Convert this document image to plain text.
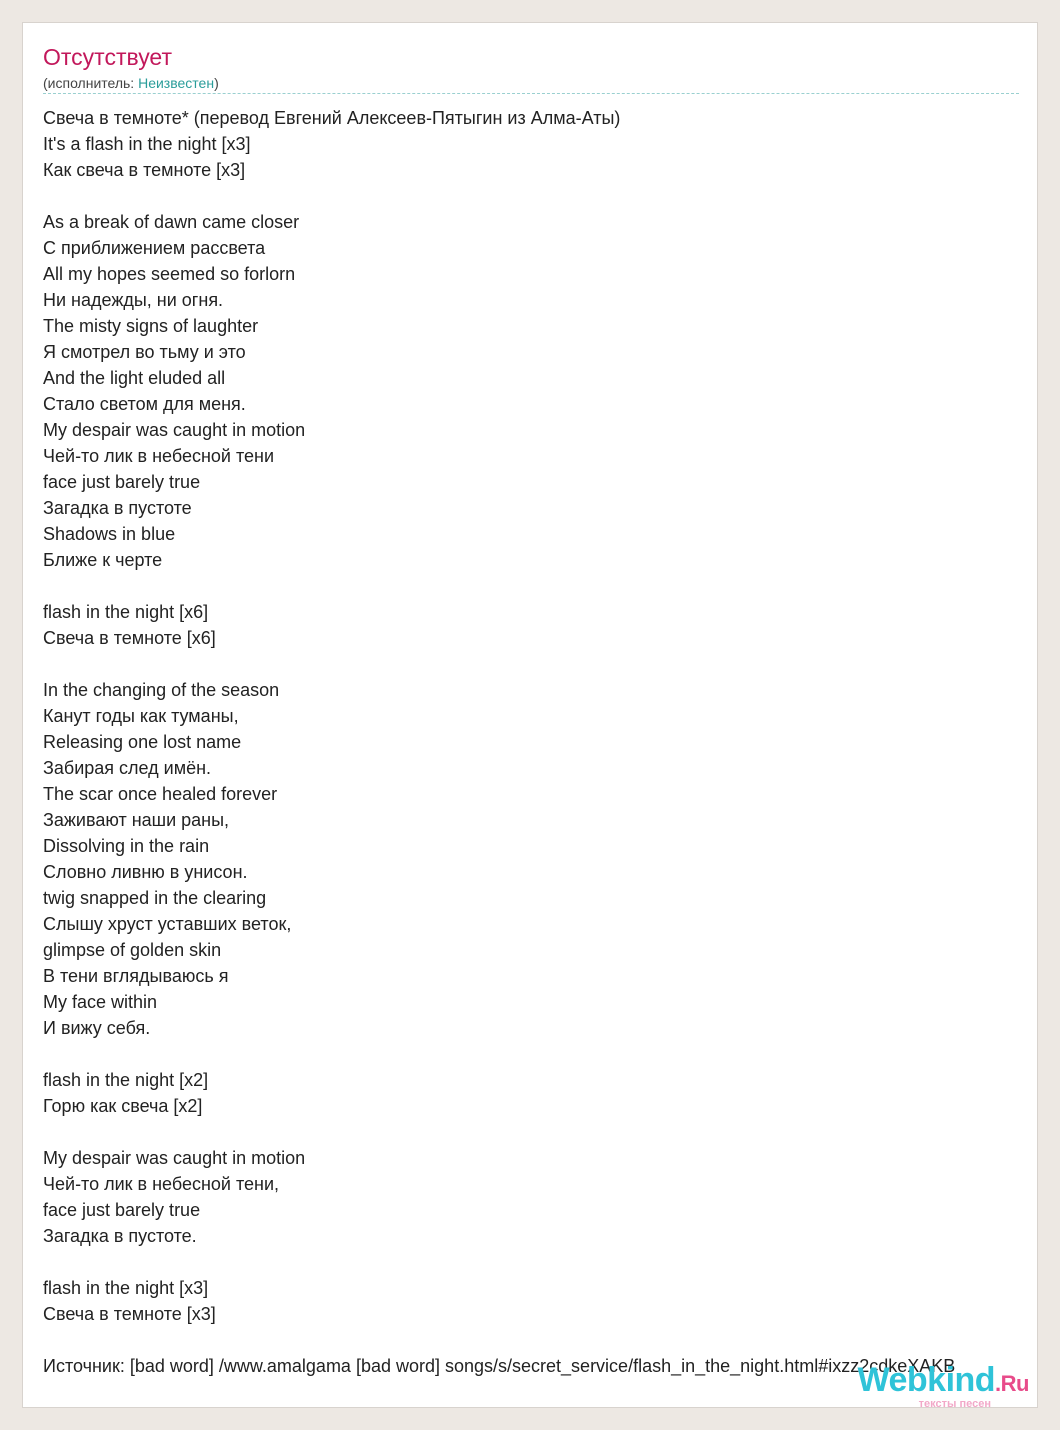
Отсутствует
(исполнитель: Неизвестен)
Свеча в темноте* (перевод Евгений Алексеев-Пятыгин из Алма-Аты)
It's a flash in the night [x3]
Как свеча в темноте [x3]
As a break of dawn came closer
С приближением рассвета
All my hopes seemed so forlorn
Ни надежды, ни огня.
The misty signs of laughter
Я смотрел во тьму и это
And the light eluded all
Стало светом для меня.
My despair was caught in motion
Чей-то лик в небесной тени
face just barely true
Загадка в пустоте
Shadows in blue
Ближе к черте
flash in the night [x6]
Свеча в темноте [x6]
In the changing of the season
Канут годы как туманы,
Releasing one lost name
Забирая след имён.
The scar once healed forever
Заживают наши раны,
Dissolving in the rain
Словно ливню в унисон.
twig snapped in the clearing
Слышу хруст уставших веток,
glimpse of golden skin
В тени вглядываюсь я
My face within
И вижу себя.
flash in the night [x2]
Горю как свеча [x2]
My despair was caught in motion
Чей-то лик в небесной тени,
face just barely true
Загадка в пустоте.
flash in the night [x3]
Свеча в темноте [x3]
Источник: [bad word] /www.amalgama [bad word] songs/s/secret_service/flash_in_the_night.html#ixzz2cdkeXAKB
Webkind.Ru
тексты песен
